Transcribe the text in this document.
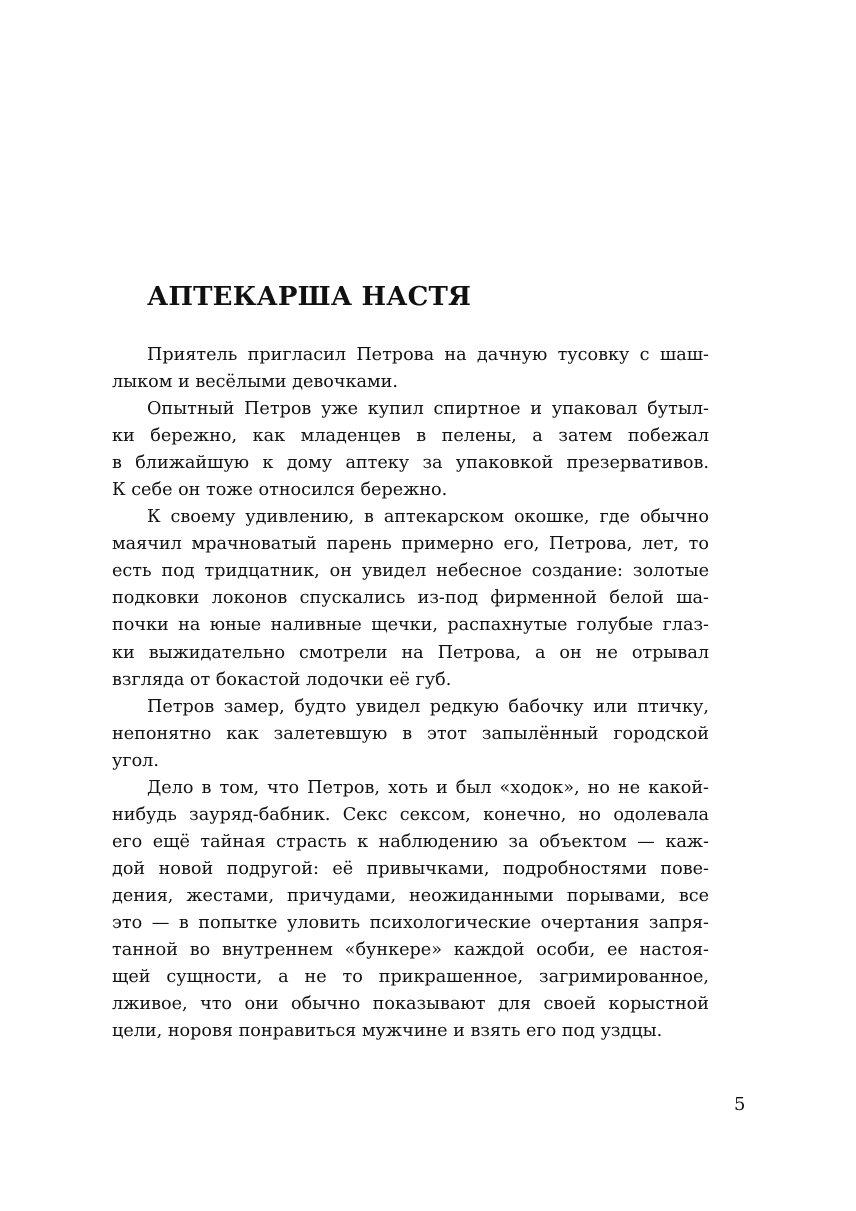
АПТЕКАРША НАСТЯ
Приятель пригласил Петрова на дачную тусовку с шаш-
лыком и весёлыми девочками.
Опытный Петров уже купил спиртное и упаковал бутыл-
ки бережно, как младенцев в пелены, а затем побежал
в ближайшую к дому аптеку за упаковкой презервативов.
К себе он тоже относился бережно.
К своему удивлению, в аптекарском окошке, где обычно
маячил мрачноватый парень примерно его, Петрова, лет, то
есть под тридцатник, он увидел небесное создание: золотые
подковки локонов спускались из-под фирменной белой ша-
почки на юные наливные щечки, распахнутые голубые глаз-
ки выжидательно смотрели на Петрова, а он не отрывал
взгляда от бокастой лодочки её губ.
Петров замер, будто увидел редкую бабочку или птичку,
непонятно как залетевшую в этот запылённый городской
угол.
Дело в том, что Петров, хоть и был «ходок», но не какой-
нибудь зауряд-бабник. Секс сексом, конечно, но одолевала
его ещё тайная страсть к наблюдению за объектом — каж-
дой новой подругой: её привычками, подробностями пове-
дения, жестами, причудами, неожиданными порывами, все
это — в попытке уловить психологические очертания запря-
танной во внутреннем «бункере» каждой особи, ее настоя-
щей сущности, а не то прикрашенное, загримированное,
лживое, что они обычно показывают для своей корыстной
цели, норовя понравиться мужчине и взять его под уздцы.
5
